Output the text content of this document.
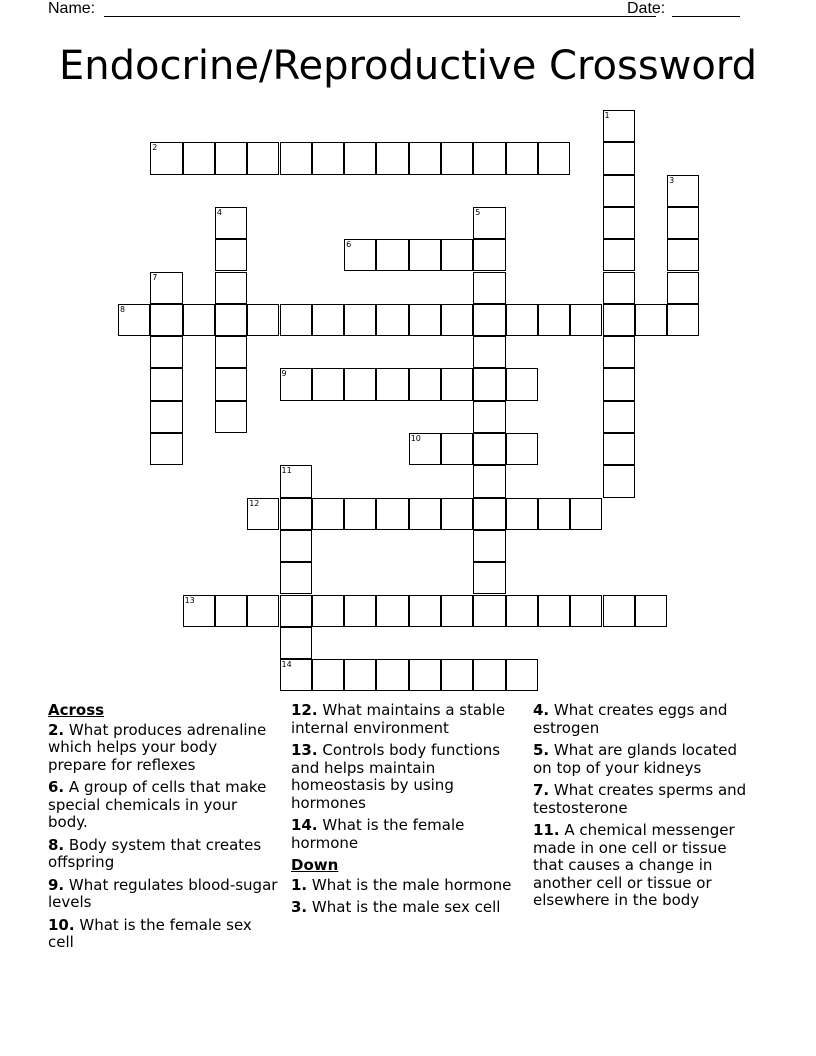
Name:	Date:
Endocrine/Reproductive Crossword
1
2
3
4	5
6
7
8
9
10
11
14
12
13
Across
2. What produces adrenaline which helps your body prepare for reflexes
6. A group of cells that make special chemicals in your body.
8. Body system that creates offspring
9. What regulates blood-sugar levels
10. What is the female sex cell
12. What maintains a stable internal environment
13. Controls body functions and helps maintain homeostasis by using hormones
14. What is the female hormone
Down
1. What is the male hormone
3. What is the male sex cell
4. What creates eggs and estrogen
5. What are glands located on top of your kidneys
7. What creates sperms and testosterone
11. A chemical messenger made in one cell or tissue that causes a change in another cell or tissue or elsewhere in the body
